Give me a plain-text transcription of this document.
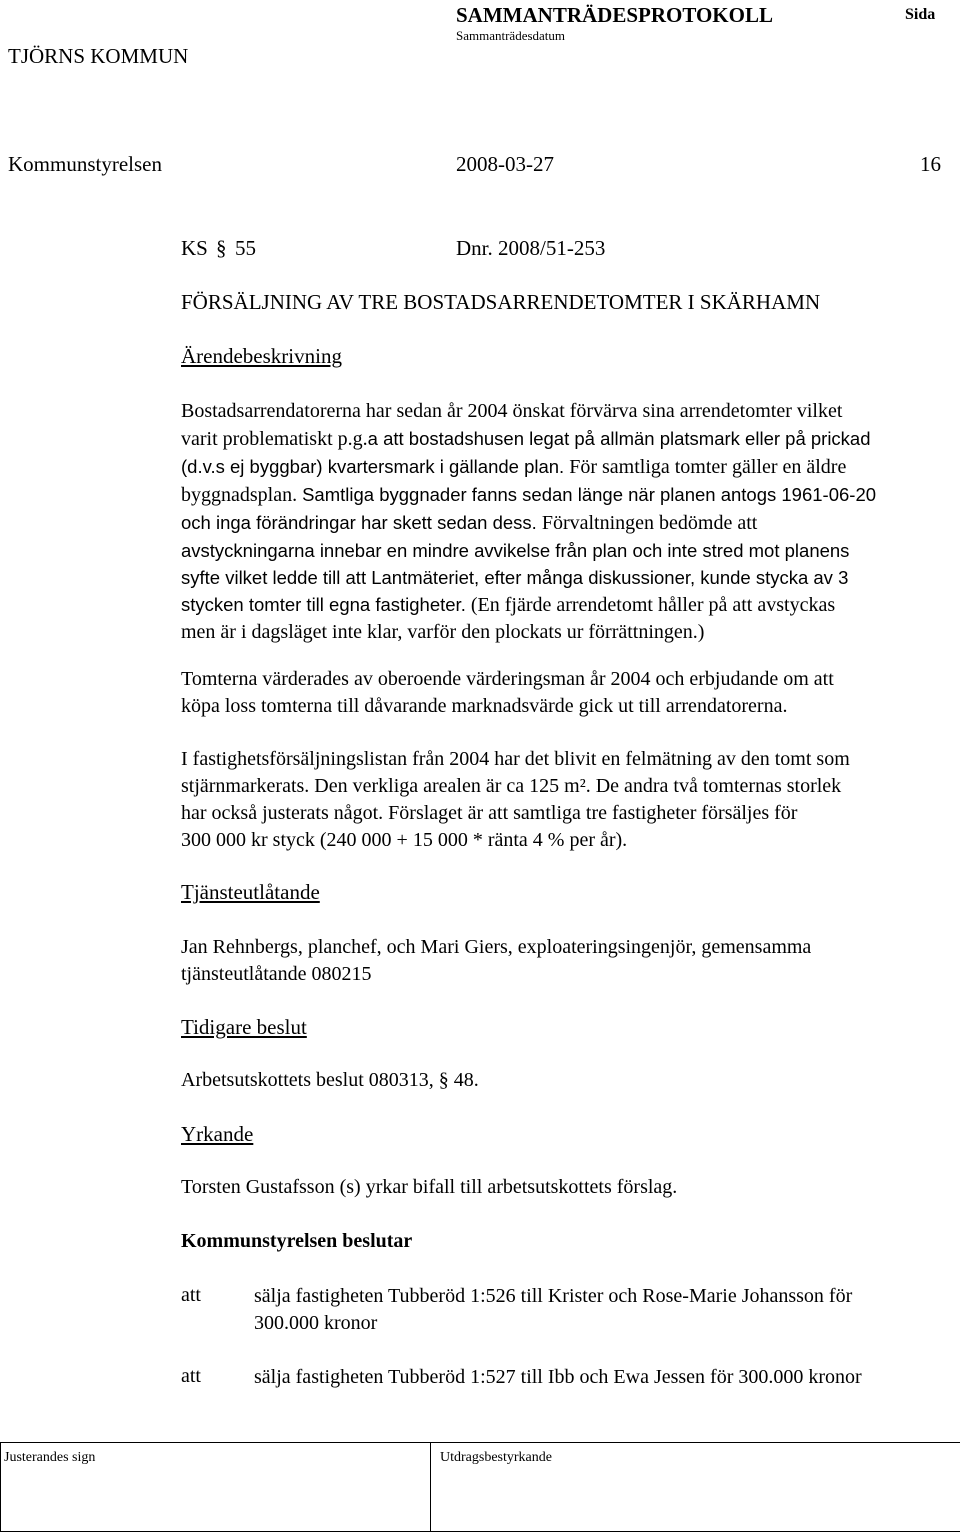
TJÖRNS KOMMUN
SAMMANTRÄDESPROTOKOLL
Sammanträdesdatum
Sida
Kommunstyrelsen	2008-03-27	16
KS § 55	Dnr. 2008/51-253
FÖRSÄLJNING AV TRE BOSTADSARRENDETOMTER I SKÄRHAMN
Ärendebeskrivning
Bostadsarrendatorerna har sedan år 2004 önskat förvärva sina arrendetomter vilket
varit problematiskt p.g.a att bostadshusen legat på allmän platsmark eller på prickad
(d.v.s ej byggbar) kvartersmark i gällande plan. För samtliga tomter gäller en äldre
byggnadsplan. Samtliga byggnader fanns sedan länge när planen antogs 1961-06-20
och inga förändringar har skett sedan dess. Förvaltningen bedömde att
avstyckningarna innebar en mindre avvikelse från plan och inte stred mot planens
syfte vilket ledde till att Lantmäteriet, efter många diskussioner, kunde stycka av 3
stycken tomter till egna fastigheter. (En fjärde arrendetomt håller på att avstyckas
men är i dagsläget inte klar, varför den plockats ur förrättningen.)
Tomterna värderades av oberoende värderingsman år 2004 och erbjudande om att
köpa loss tomterna till dåvarande marknadsvärde gick ut till arrendatorerna.
I fastighetsförsäljningslistan från 2004 har det blivit en felmätning av den tomt som
stjärnmarkerats. Den verkliga arealen är ca 125 m². De andra två tomternas storlek
har också justerats något. Förslaget är att samtliga tre fastigheter försäljes för
300 000 kr styck (240 000 + 15 000 * ränta 4 % per år).
Tjänsteutlåtande
Jan Rehnbergs, planchef, och Mari Giers, exploateringsingenjör, gemensamma
tjänsteutlåtande 080215
Tidigare beslut
Arbetsutskottets beslut 080313, § 48.
Yrkande
Torsten Gustafsson (s) yrkar bifall till arbetsutskottets förslag.
Kommunstyrelsen beslutar
att	sälja fastigheten Tubberöd 1:526 till Krister och Rose-Marie Johansson för
300.000 kronor
att	sälja fastigheten Tubberöd 1:527 till Ibb och Ewa Jessen för 300.000 kronor
Justerandes sign	Utdragsbestyrkande
